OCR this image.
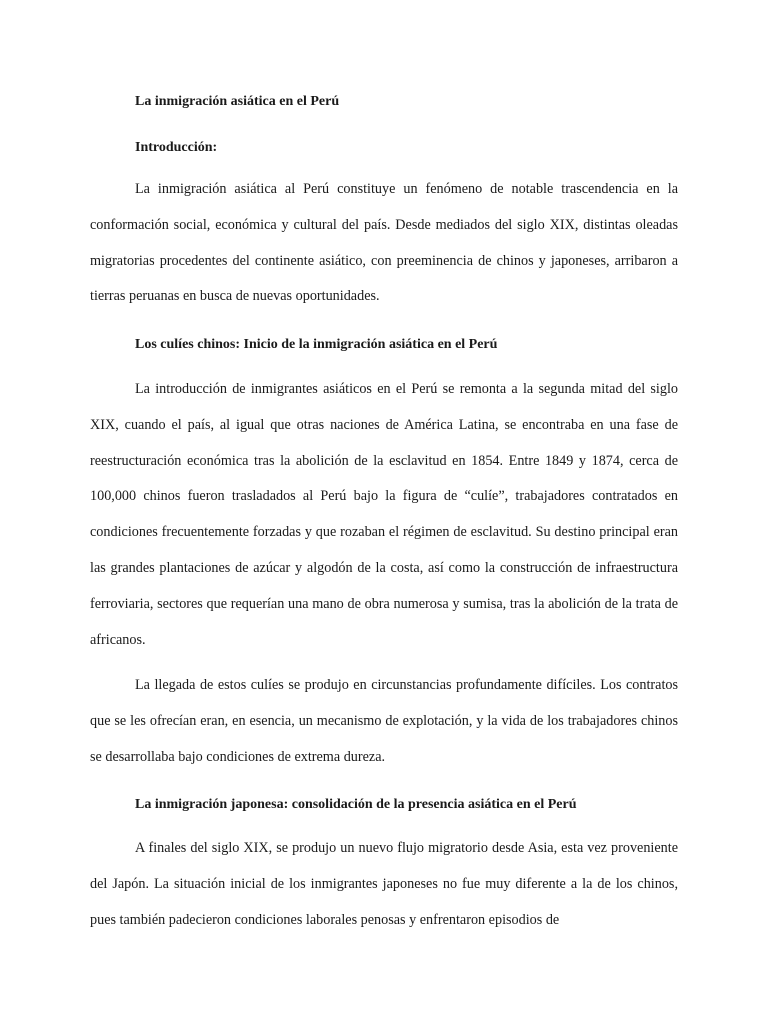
La inmigración asiática en el Perú
Introducción:

La inmigración asiática al Perú constituye un fenómeno de notable trascendencia en la conformación social, económica y cultural del país. Desde mediados del siglo XIX, distintas oleadas migratorias procedentes del continente asiático, con preeminencia de chinos y japoneses, arribaron a tierras peruanas en busca de nuevas oportunidades.

Los culíes chinos: Inicio de la inmigración asiática en el Perú

La introducción de inmigrantes asiáticos en el Perú se remonta a la segunda mitad del siglo XIX, cuando el país, al igual que otras naciones de América Latina, se encontraba en una fase de reestructuración económica tras la abolición de la esclavitud en 1854. Entre 1849 y 1874, cerca de 100,000 chinos fueron trasladados al Perú bajo la figura de “culíe”, trabajadores contratados en condiciones frecuentemente forzadas y que rozaban el régimen de esclavitud. Su destino principal eran las grandes plantaciones de azúcar y algodón de la costa, así como la construcción de infraestructura ferroviaria, sectores que requerían una mano de obra numerosa y sumisa, tras la abolición de la trata de africanos.

La llegada de estos culíes se produjo en circunstancias profundamente difíciles. Los contratos que se les ofrecían eran, en esencia, un mecanismo de explotación, y la vida de los trabajadores chinos se desarrollaba bajo condiciones de extrema dureza.

La inmigración japonesa: consolidación de la presencia asiática en el Perú

A finales del siglo XIX, se produjo un nuevo flujo migratorio desde Asia, esta vez proveniente del Japón. La situación inicial de los inmigrantes japoneses no fue muy diferente a la de los chinos, pues también padecieron condiciones laborales penosas y enfrentaron episodios de
